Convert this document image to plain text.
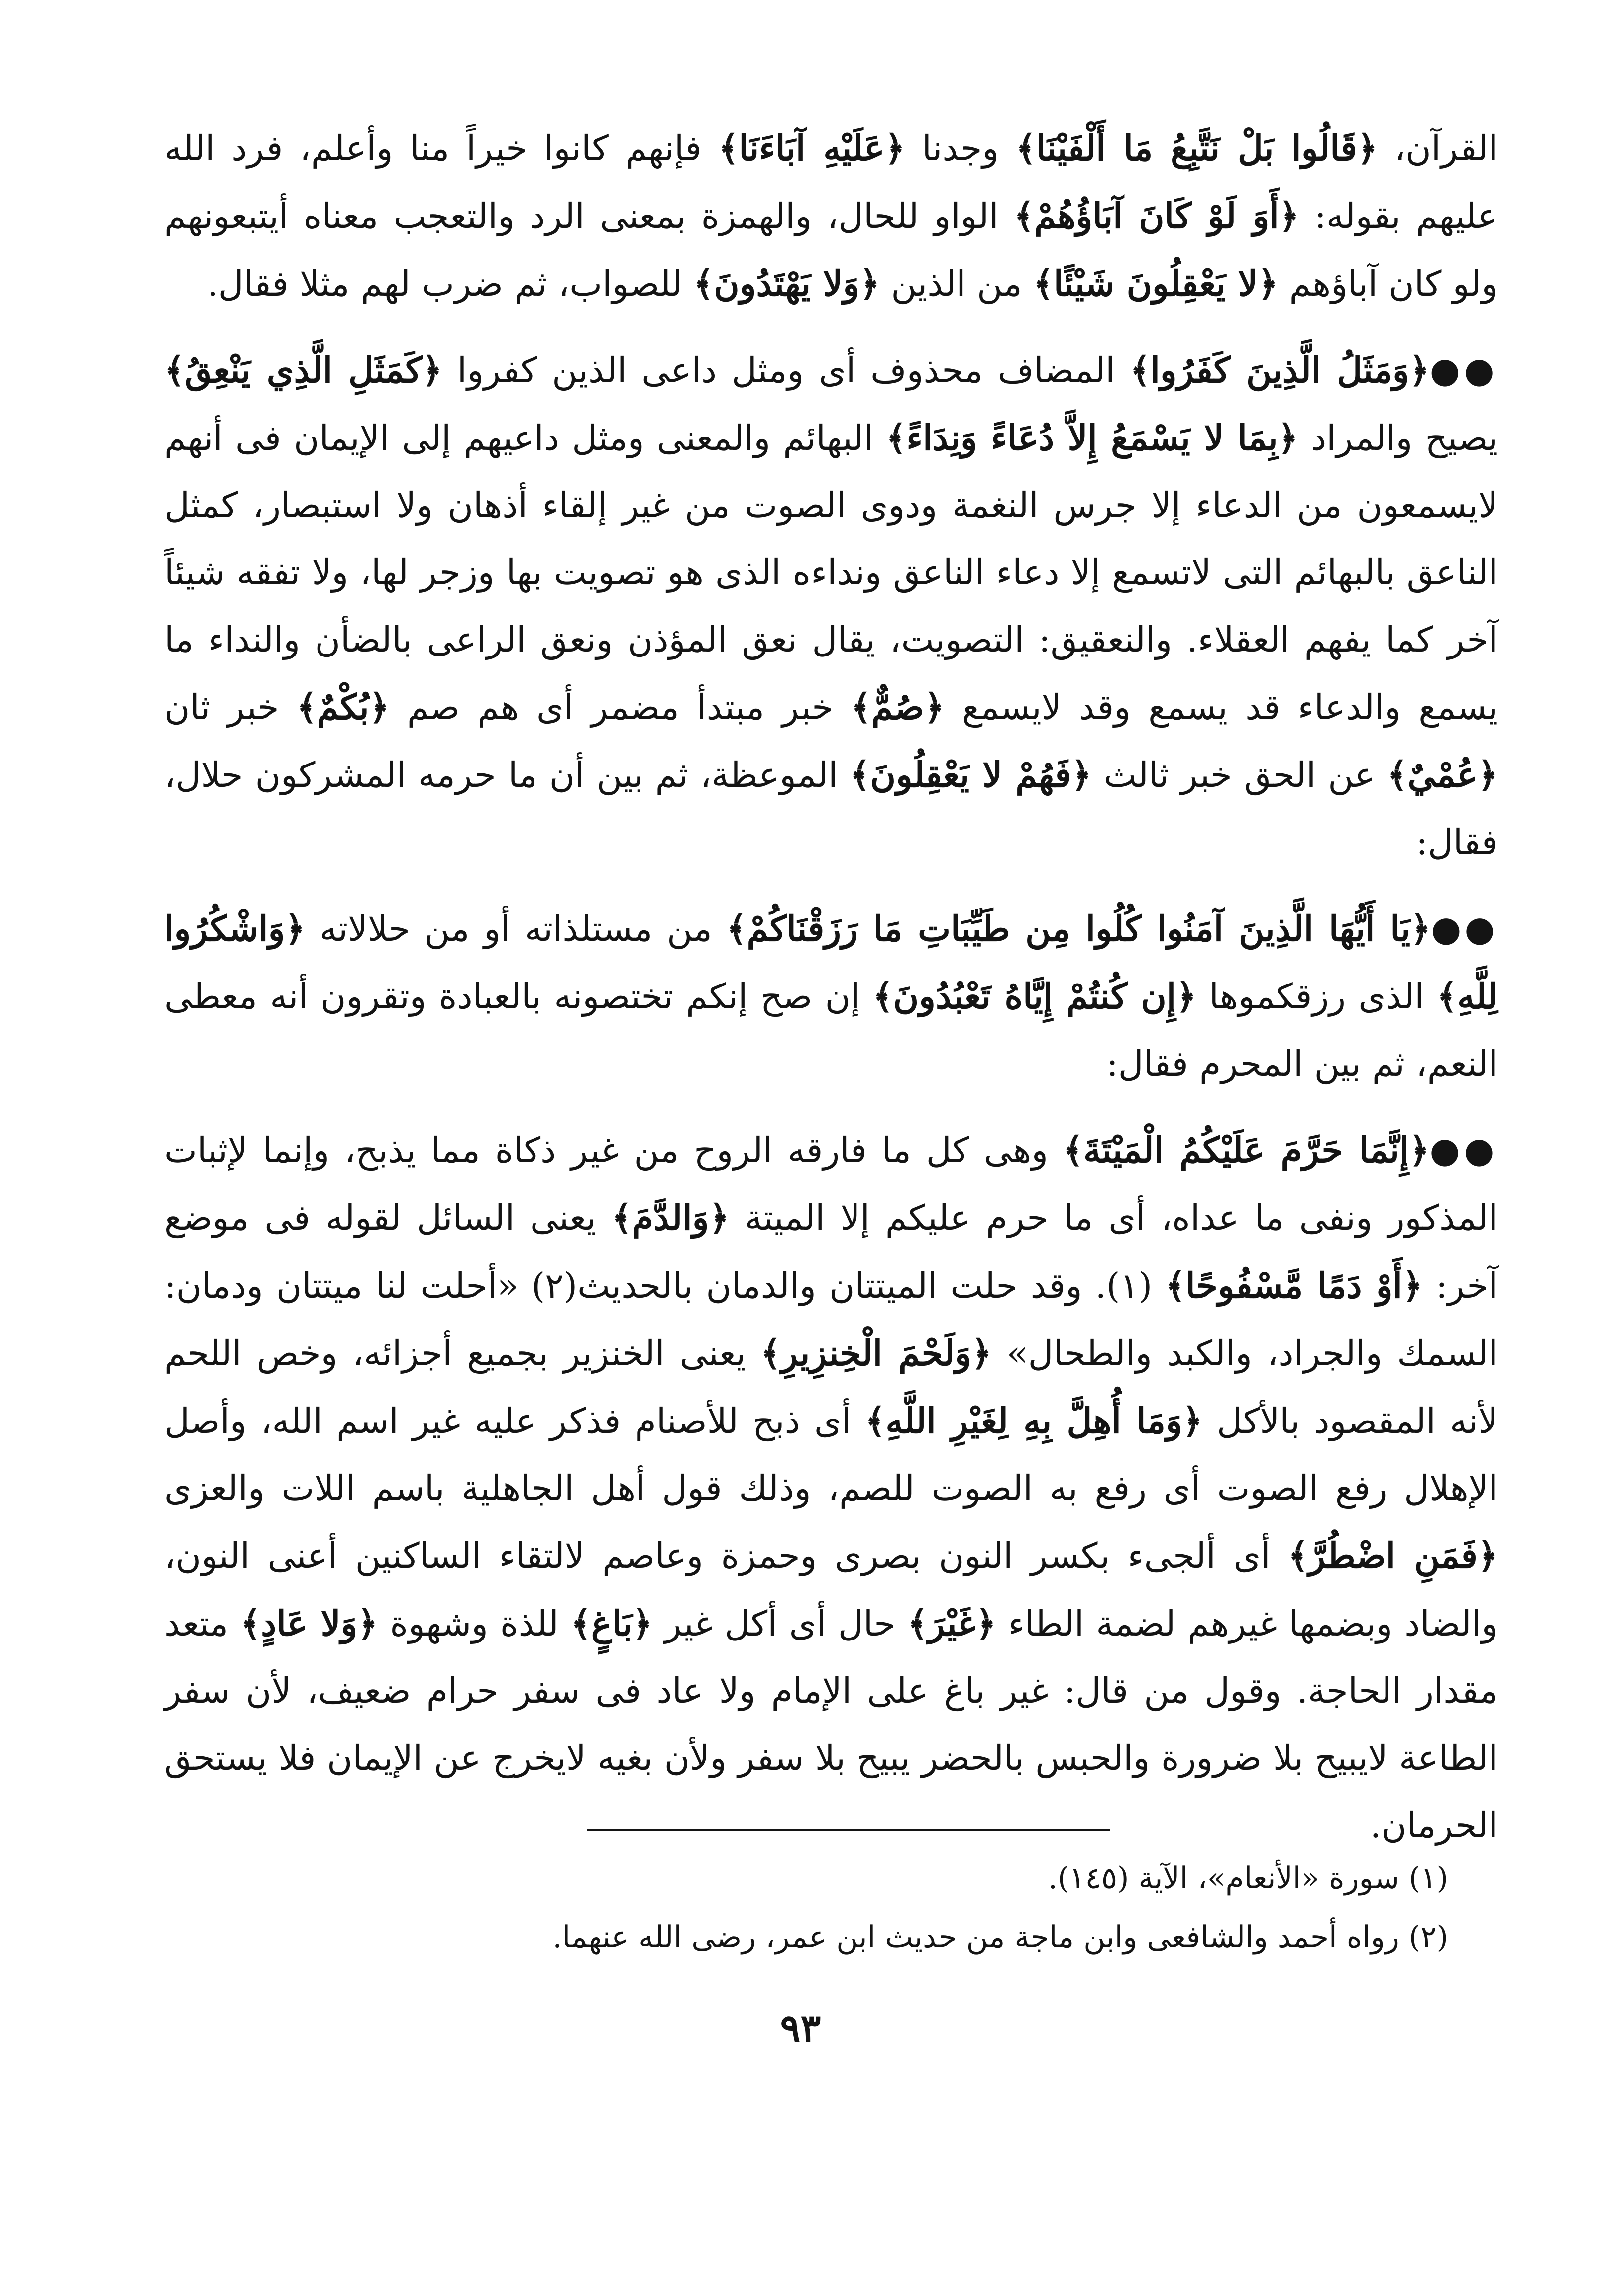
القرآن، ﴿قَالُوا بَلْ نَتَّبِعُ مَا أَلْفَيْنَا﴾ وجدنا ﴿عَلَيْهِ آبَاءَنَا﴾ فإنهم كانوا خيراً منا وأعلم، فرد الله عليهم بقوله: ﴿أَوَ لَوْ كَانَ آبَاؤُهُمْ﴾ الواو للحال، والهمزة بمعنى الرد والتعجب معناه أيتبعونهم ولو كان آباؤهم ﴿لا يَعْقِلُونَ شَيْئًا﴾ من الذين ﴿وَلا يَهْتَدُونَ﴾ للصواب، ثم ضرب لهم مثلا فقال.

●●﴿وَمَثَلُ الَّذِينَ كَفَرُوا﴾ المضاف محذوف أى ومثل داعى الذين كفروا ﴿كَمَثَلِ الَّذِي يَنْعِقُ﴾ يصيح والمراد ﴿بِمَا لا يَسْمَعُ إِلاَّ دُعَاءً وَنِدَاءً﴾ البهائم والمعنى ومثل داعيهم إلى الإيمان فى أنهم لايسمعون من الدعاء إلا جرس النغمة ودوى الصوت من غير إلقاء أذهان ولا استبصار، كمثل الناعق بالبهائم التى لاتسمع إلا دعاء الناعق ونداءه الذى هو تصويت بها وزجر لها، ولا تفقه شيئاً آخر كما يفهم العقلاء. والنعقيق: التصويت، يقال نعق المؤذن ونعق الراعى بالضأن والنداء ما يسمع والدعاء قد يسمع وقد لايسمع ﴿صُمٌّ﴾ خبر مبتدأ مضمر أى هم صم ﴿بُكْمٌ﴾ خبر ثان ﴿عُمْيٌ﴾ عن الحق خبر ثالث ﴿فَهُمْ لا يَعْقِلُونَ﴾ الموعظة، ثم بين أن ما حرمه المشركون حلال، فقال:

●●﴿يَا أَيُّهَا الَّذِينَ آمَنُوا كُلُوا مِن طَيِّبَاتِ مَا رَزَقْنَاكُمْ﴾ من مستلذاته أو من حلالاته ﴿وَاشْكُرُوا لِلَّهِ﴾ الذى رزقكموها ﴿إِن كُنتُمْ إِيَّاهُ تَعْبُدُونَ﴾ إن صح إنكم تختصونه بالعبادة وتقرون أنه معطى النعم، ثم بين المحرم فقال:

●●﴿إِنَّمَا حَرَّمَ عَلَيْكُمُ الْمَيْتَةَ﴾ وهى كل ما فارقه الروح من غير ذكاة مما يذبح، وإنما لإثبات المذكور ونفى ما عداه، أى ما حرم عليكم إلا الميتة ﴿وَالدَّمَ﴾ يعنى السائل لقوله فى موضع آخر: ﴿أَوْ دَمًا مَّسْفُوحًا﴾ (١). وقد حلت الميتتان والدمان بالحديث(٢) «أحلت لنا ميتتان ودمان: السمك والجراد، والكبد والطحال» ﴿وَلَحْمَ الْخِنزِيرِ﴾ يعنى الخنزير بجميع أجزائه، وخص اللحم لأنه المقصود بالأكل ﴿وَمَا أُهِلَّ بِهِ لِغَيْرِ اللَّهِ﴾ أى ذبح للأصنام فذكر عليه غير اسم الله، وأصل الإهلال رفع الصوت أى رفع به الصوت للصم، وذلك قول أهل الجاهلية باسم اللات والعزى ﴿فَمَنِ اضْطُرَّ﴾ أى ألجىء بكسر النون بصرى وحمزة وعاصم لالتقاء الساكنين أعنى النون، والضاد وبضمها غيرهم لضمة الطاء ﴿غَيْرَ﴾ حال أى أكل غير ﴿بَاغٍ﴾ للذة وشهوة ﴿وَلا عَادٍ﴾ متعد مقدار الحاجة. وقول من قال: غير باغ على الإمام ولا عاد فى سفر حرام ضعيف، لأن سفر الطاعة لايبيح بلا ضرورة والحبس بالحضر يبيح بلا سفر ولأن بغيه لايخرج عن الإيمان فلا يستحق الحرمان.

(١) سورة «الأنعام»، الآية (١٤٥).

(٢) رواه أحمد والشافعى وابن ماجة من حديث ابن عمر، رضى الله عنهما.

٩٣
